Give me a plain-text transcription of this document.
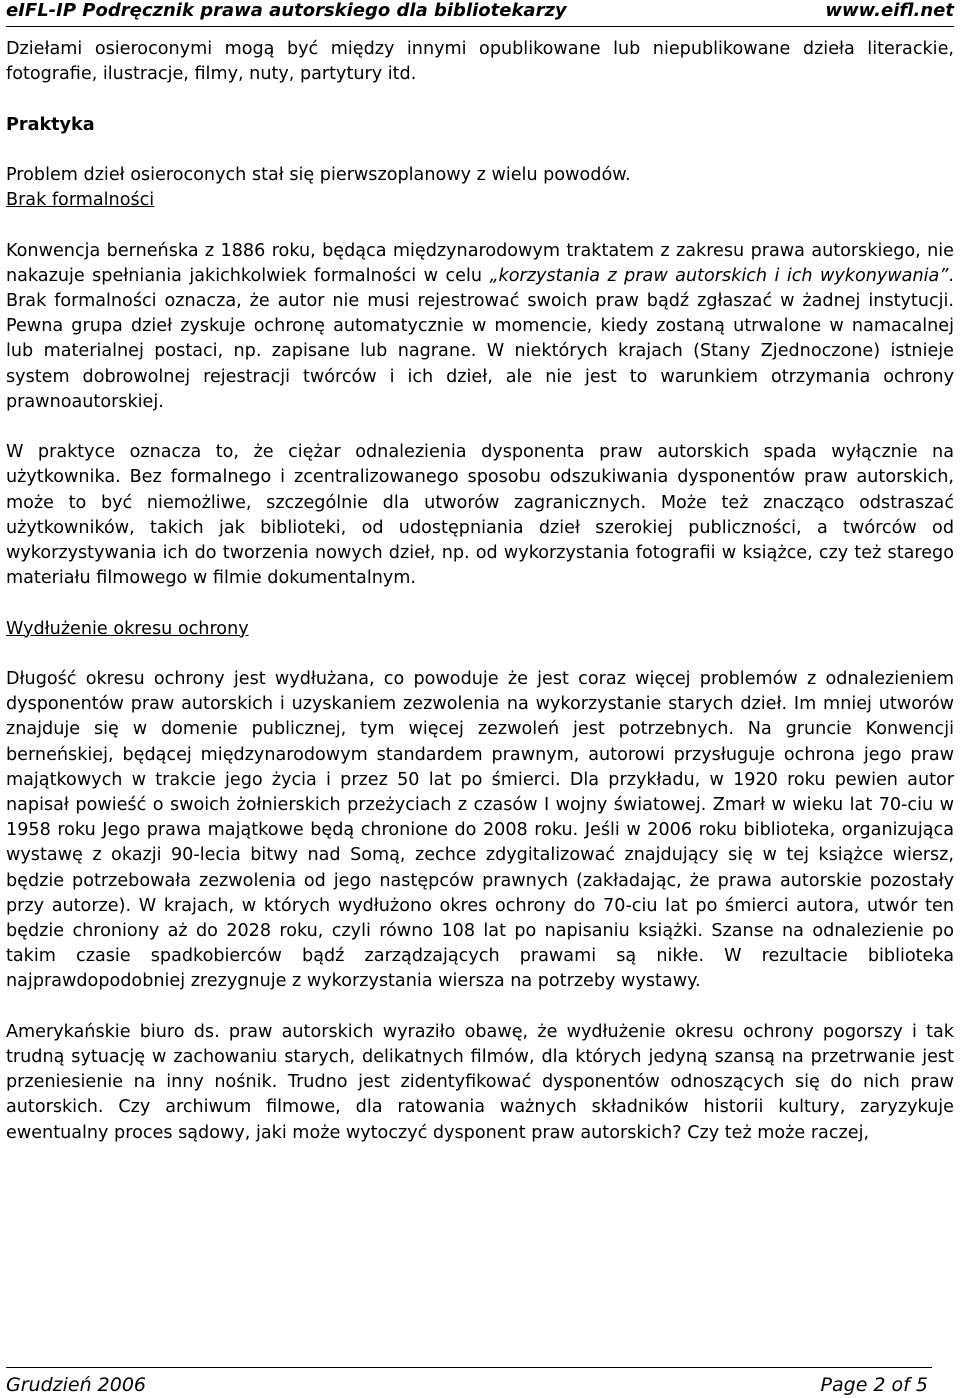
eIFL-IP Podręcznik prawa autorskiego dla bibliotekarzy	www.eifl.net

Dziełami osieroconymi mogą być między innymi opublikowane lub niepublikowane dzieła literackie, fotografie, ilustracje, filmy, nuty, partytury itd.

Praktyka

Problem dzieł osieroconych stał się pierwszoplanowy z wielu powodów.

Brak formalności

Konwencja berneńska z 1886 roku, będąca międzynarodowym traktatem z zakresu prawa autorskiego, nie nakazuje spełniania jakichkolwiek formalności w celu „korzystania z praw autorskich i ich wykonywania”. Brak formalności oznacza, że autor nie musi rejestrować swoich praw bądź zgłaszać w żadnej instytucji. Pewna grupa dzieł zyskuje ochronę automatycznie w momencie, kiedy zostaną utrwalone w namacalnej lub materialnej postaci, np. zapisane lub nagrane. W niektórych krajach (Stany Zjednoczone) istnieje system dobrowolnej rejestracji twórców i ich dzieł, ale nie jest to warunkiem otrzymania ochrony prawnoautorskiej.

W praktyce oznacza to, że ciężar odnalezienia dysponenta praw autorskich spada wyłącznie na użytkownika. Bez formalnego i zcentralizowanego sposobu odszukiwania dysponentów praw autorskich, może to być niemożliwe, szczególnie dla utworów zagranicznych. Może też znacząco odstraszać użytkowników, takich jak biblioteki, od udostępniania dzieł szerokiej publiczności, a twórców od wykorzystywania ich do tworzenia nowych dzieł, np. od wykorzystania fotografii w książce, czy też starego materiału filmowego w filmie dokumentalnym.

Wydłużenie okresu ochrony

Długość okresu ochrony jest wydłużana, co powoduje że jest coraz więcej problemów z odnalezieniem dysponentów praw autorskich i uzyskaniem zezwolenia na wykorzystanie starych dzieł. Im mniej utworów znajduje się w domenie publicznej, tym więcej zezwoleń jest potrzebnych. Na gruncie Konwencji berneńskiej, będącej międzynarodowym standardem prawnym, autorowi przysługuje ochrona jego praw majątkowych w trakcie jego życia i przez 50 lat po śmierci. Dla przykładu, w 1920 roku pewien autor napisał powieść o swoich żołnierskich przeżyciach z czasów I wojny światowej. Zmarł w wieku lat 70-ciu w 1958 roku Jego prawa majątkowe będą chronione do 2008 roku. Jeśli w 2006 roku biblioteka, organizująca wystawę z okazji 90-lecia bitwy nad Somą, zechce zdygitalizować znajdujący się w tej książce wiersz, będzie potrzebowała zezwolenia od jego następców prawnych (zakładając, że prawa autorskie pozostały przy autorze). W krajach, w których wydłużono okres ochrony do 70-ciu lat po śmierci autora, utwór ten będzie chroniony aż do 2028 roku, czyli równo 108 lat po napisaniu książki. Szanse na odnalezienie po takim czasie spadkobierców bądź zarządzających prawami są nikłe. W rezultacie biblioteka najprawdopodobniej zrezygnuje z wykorzystania wiersza na potrzeby wystawy.

Amerykańskie biuro ds. praw autorskich wyraziło obawę, że wydłużenie okresu ochrony pogorszy i tak trudną sytuację w zachowaniu starych, delikatnych filmów, dla których jedyną szansą na przetrwanie jest przeniesienie na inny nośnik. Trudno jest zidentyfikować dysponentów odnoszących się do nich praw autorskich. Czy archiwum filmowe, dla ratowania ważnych składników historii kultury, zaryzykuje ewentualny proces sądowy, jaki może wytoczyć dysponent praw autorskich? Czy też może raczej,

Grudzień 2006	Page 2 of 5
